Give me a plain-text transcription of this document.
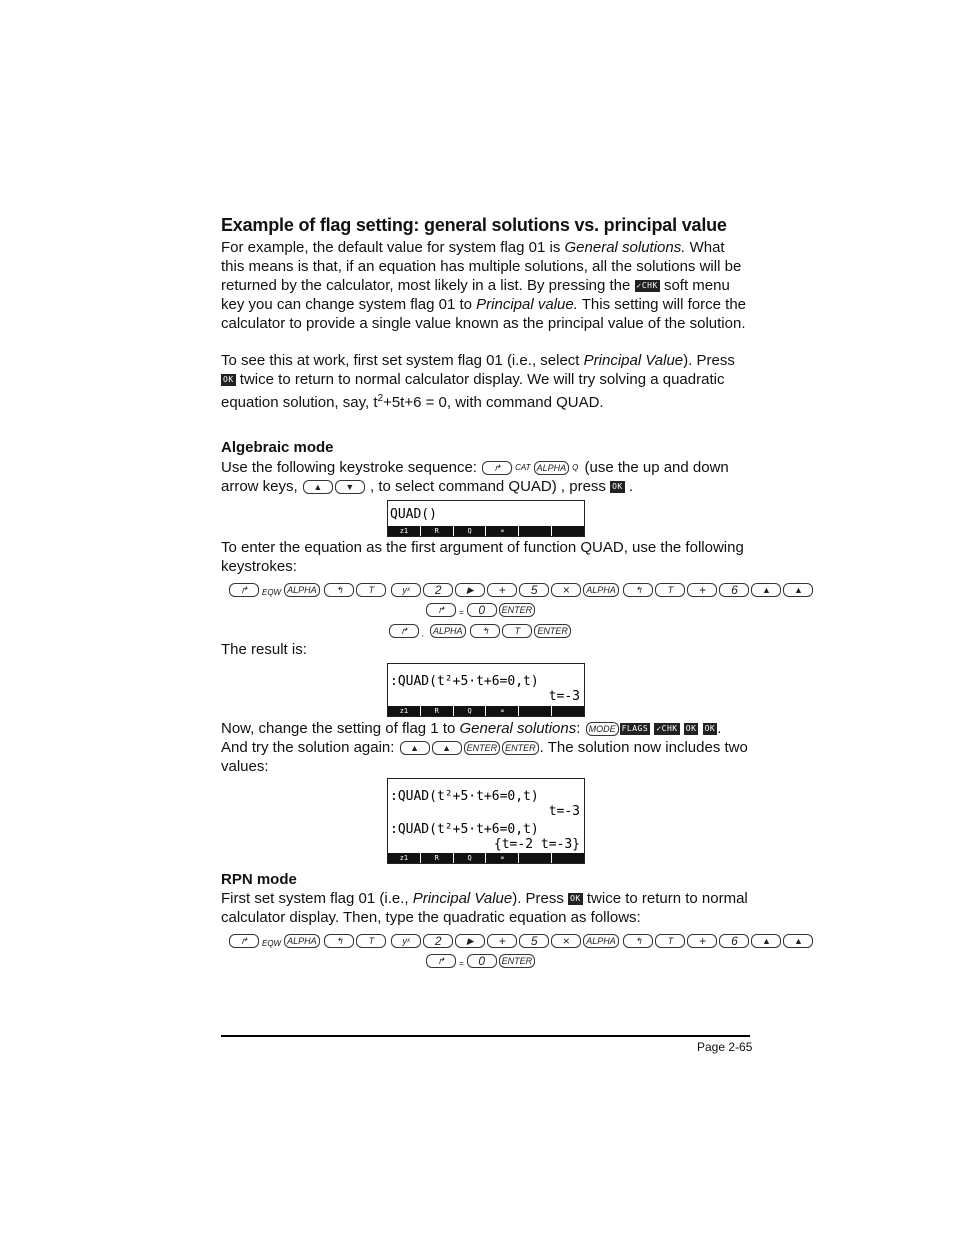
Example of flag setting: general solutions vs. principal value
For example, the default value for system flag 01 is General solutions. What this means is that, if an equation has multiple solutions, all the solutions will be returned by the calculator, most likely in a list. By pressing the ✓CHK soft menu key you can change system flag 01 to Principal value. This setting will force the calculator to provide a single value known as the principal value of the solution.
To see this at work, first set system flag 01 (i.e., select Principal Value). Press OK twice to return to normal calculator display. We will try solving a quadratic equation solution, say, $t^2+5t+6 = 0$, with command QUAD.
Algebraic mode
Use the following keystroke sequence: ↱ CAT ALPHA Q (use the up and down arrow keys, ▲	▼ , to select command QUAD) , press OK .
QUAD()
z1	R	Q	∝
To enter the equation as the first argument of function QUAD, use the following keystrokes:
↱ EQW ALPHA ↰	T	yˣ 2	▶ + 5 × ALPHA ↰	T + 6	▲	▲
↱ = 0 ENTER
↱ , ALPHA ↰	T ENTER
The result is:
:QUAD(t²+5·t+6=0,t)
t=-3
z1	R	Q	∝
Now, change the setting of flag 1 to General solutions: MODE FLAGS ✓CHK OK OK . And try the solution again: ▲	▲ ENTER ENTER . The solution now includes two values:
:QUAD(t²+5·t+6=0,t)
t=-3
:QUAD(t²+5·t+6=0,t)
{t=-2 t=-3}
z1	R	Q	∝
RPN mode
First set system flag 01 (i.e., Principal Value). Press OK twice to return to normal calculator display. Then, type the quadratic equation as follows:
↱ EQW ALPHA ↰	T	yˣ 2	▶ + 5 × ALPHA ↰	T + 6	▲	▲
↱ = 0 ENTER
Page 2-65
